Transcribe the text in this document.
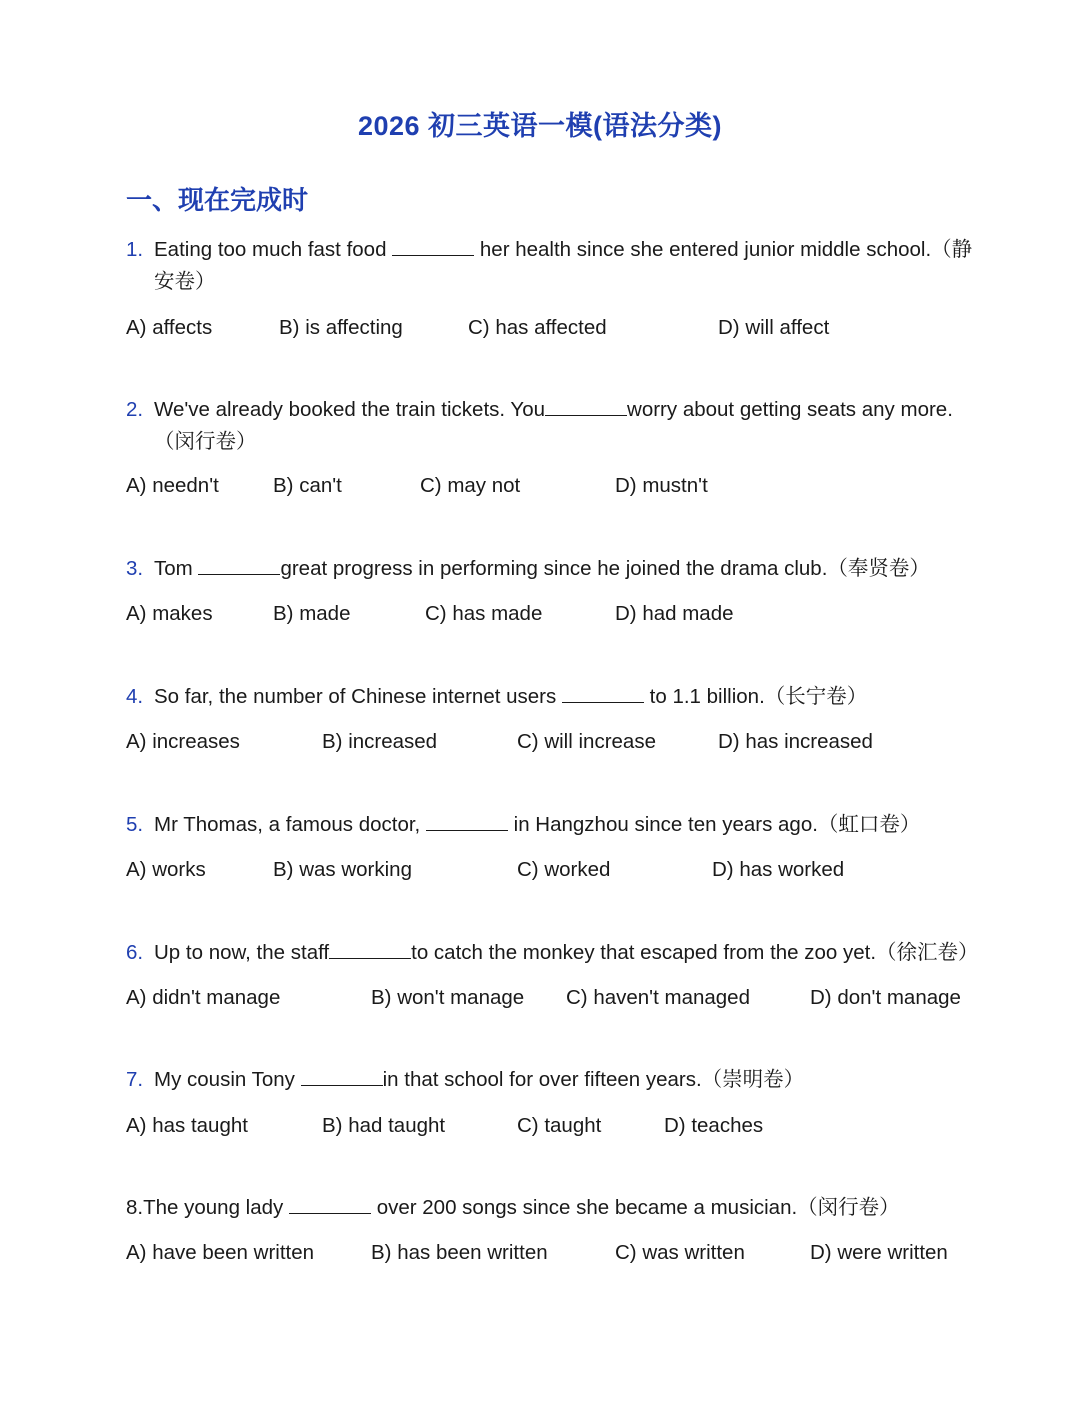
2026 初三英语一模(语法分类)
一、现在完成时
1. Eating too much fast food	her health since she entered junior middle school.（静
安卷）
A) affects	B) is affecting	C) has affected	D) will affect
2. We've already booked the train tickets. You	worry about getting seats any more.
（闵行卷）
A) needn't	B) can't	C) may not	D) mustn't
3. Tom	great progress in performing since he joined the drama club.（奉贤卷）
A) makes	B) made	C) has made	D) had made
4. So far, the number of Chinese internet users	to 1.1 billion.（长宁卷）
A) increases	B) increased	C) will increase	D) has increased
5. Mr Thomas, a famous doctor,	in Hangzhou since ten years ago.（虹口卷）
A) works	B) was working	C) worked	D) has worked
6. Up to now, the staff	to catch the monkey that escaped from the zoo yet.（徐汇卷）
A) didn't manage	B) won't manage C) haven't managed	D) don't manage
7. My cousin Tony	in that school for over fifteen years.（崇明卷）
A) has taught	B) had taught	C) taught	D) teaches
8.The young lady	over 200 songs since she became a musician.（闵行卷）
A) have been written	B) has been written	C) was written	D) were written
